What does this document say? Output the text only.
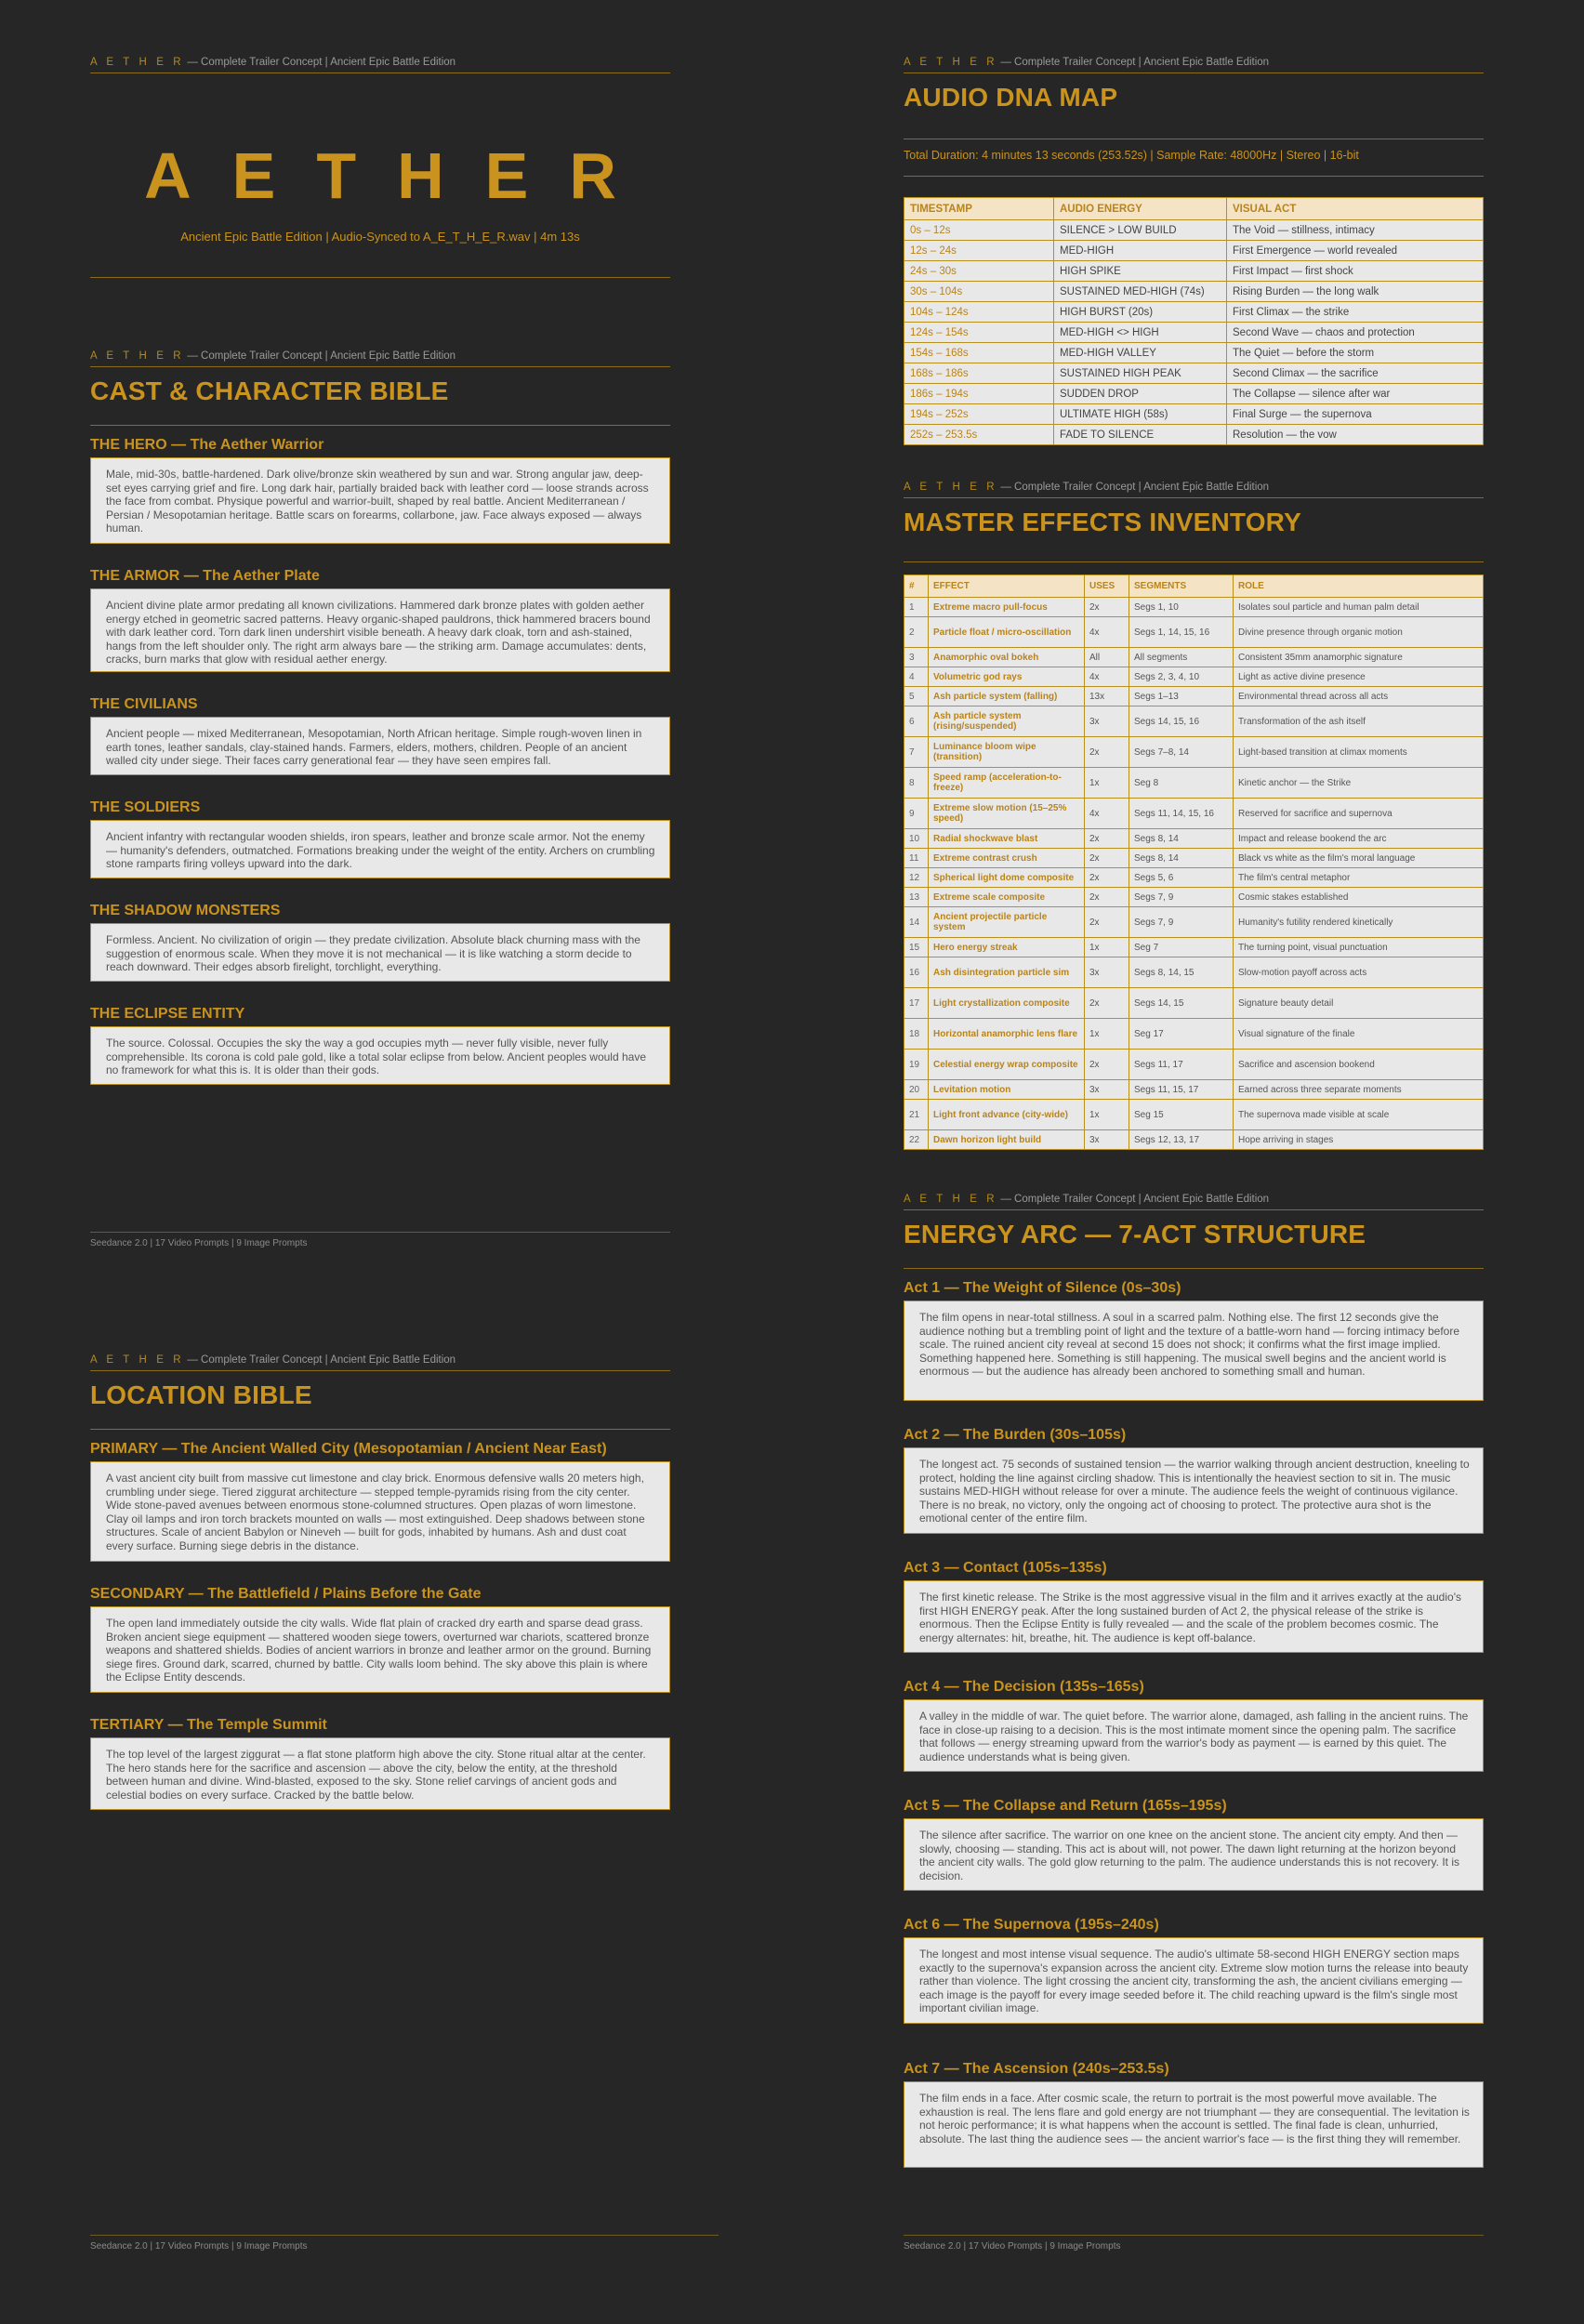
A E T H E R — Complete Trailer Concept | Ancient Epic Battle Edition
AETHER
Ancient Epic Battle Edition | Audio-Synced to A_E_T_H_E_R.wav | 4m 13s
A E T H E R — Complete Trailer Concept | Ancient Epic Battle Edition
CAST & CHARACTER BIBLE
THE HERO — The Aether Warrior

Male, mid-30s, battle-hardened. Dark olive/bronze skin weathered by sun and war. Strong angular jaw, deep-set eyes carrying grief and fire. Long dark hair, partially braided back with leather cord — loose strands across the face from combat. Physique powerful and warrior-built, shaped by real battle. Ancient Mediterranean / Persian / Mesopotamian heritage. Battle scars on forearms, collarbone, jaw. Face always exposed — always human.

THE ARMOR — The Aether Plate

Ancient divine plate armor predating all known civilizations. Hammered dark bronze plates with golden aether energy etched in geometric sacred patterns. Heavy organic-shaped pauldrons, thick hammered bracers bound with dark leather cord. Torn dark linen undershirt visible beneath. A heavy dark cloak, torn and ash-stained, hangs from the left shoulder only. The right arm always bare — the striking arm. Damage accumulates: dents, cracks, burn marks that glow with residual aether energy.

THE CIVILIANS

Ancient people — mixed Mediterranean, Mesopotamian, North African heritage. Simple rough-woven linen in earth tones, leather sandals, clay-stained hands. Farmers, elders, mothers, children. People of an ancient walled city under siege. Their faces carry generational fear — they have seen empires fall.

THE SOLDIERS

Ancient infantry with rectangular wooden shields, iron spears, leather and bronze scale armor. Not the enemy — humanity's defenders, outmatched. Formations breaking under the weight of the entity. Archers on crumbling stone ramparts firing volleys upward into the dark.

THE SHADOW MONSTERS

Formless. Ancient. No civilization of origin — they predate civilization. Absolute black churning mass with the suggestion of enormous scale. When they move it is not mechanical — it is like watching a storm decide to reach downward. Their edges absorb firelight, torchlight, everything.

THE ECLIPSE ENTITY

The source. Colossal. Occupies the sky the way a god occupies myth — never fully visible, never fully comprehensible. Its corona is cold pale gold, like a total solar eclipse from below. Ancient peoples would have no framework for what this is. It is older than their gods.

Seedance 2.0 | 17 Video Prompts | 9 Image Prompts
A E T H E R — Complete Trailer Concept | Ancient Epic Battle Edition
LOCATION BIBLE
PRIMARY — The Ancient Walled City (Mesopotamian / Ancient Near East)

A vast ancient city built from massive cut limestone and clay brick. Enormous defensive walls 20 meters high, crumbling under siege. Tiered ziggurat architecture — stepped temple-pyramids rising from the city center. Wide stone-paved avenues between enormous stone-columned structures. Open plazas of worn limestone. Clay oil lamps and iron torch brackets mounted on walls — most extinguished. Deep shadows between stone structures. Scale of ancient Babylon or Nineveh — built for gods, inhabited by humans. Ash and dust coat every surface. Burning siege debris in the distance.

SECONDARY — The Battlefield / Plains Before the Gate

The open land immediately outside the city walls. Wide flat plain of cracked dry earth and sparse dead grass. Broken ancient siege equipment — shattered wooden siege towers, overturned war chariots, scattered bronze weapons and shattered shields. Bodies of ancient warriors in bronze and leather armor on the ground. Burning siege fires. Ground dark, scarred, churned by battle. City walls loom behind. The sky above this plain is where the Eclipse Entity descends.

TERTIARY — The Temple Summit

The top level of the largest ziggurat — a flat stone platform high above the city. Stone ritual altar at the center. The hero stands here for the sacrifice and ascension — above the city, below the entity, at the threshold between human and divine. Wind-blasted, exposed to the sky. Stone relief carvings of ancient gods and celestial bodies on every surface. Cracked by the battle below.

Seedance 2.0 | 17 Video Prompts | 9 Image Prompts
A E T H E R — Complete Trailer Concept | Ancient Epic Battle Edition
AUDIO DNA MAP
Total Duration: 4 minutes 13 seconds (253.52s) | Sample Rate: 48000Hz | Stereo | 16-bit
TIMESTAMP	AUDIO ENERGY	VISUAL ACT
0s – 12s	SILENCE > LOW BUILD	The Void — stillness, intimacy
12s – 24s	MED-HIGH	First Emergence — world revealed
24s – 30s	HIGH SPIKE	First Impact — first shock
30s – 104s	SUSTAINED MED-HIGH (74s)	Rising Burden — the long walk
104s – 124s	HIGH BURST (20s)	First Climax — the strike
124s – 154s	MED-HIGH <> HIGH	Second Wave — chaos and protection
154s – 168s	MED-HIGH VALLEY	The Quiet — before the storm
168s – 186s	SUSTAINED HIGH PEAK	Second Climax — the sacrifice
186s – 194s	SUDDEN DROP	The Collapse — silence after war
194s – 252s	ULTIMATE HIGH (58s)	Final Surge — the supernova
252s – 253.5s	FADE TO SILENCE	Resolution — the vow
A E T H E R — Complete Trailer Concept | Ancient Epic Battle Edition
MASTER EFFECTS INVENTORY
#	EFFECT	USES	SEGMENTS	ROLE
1	Extreme macro pull-focus	2x	Segs 1, 10	Isolates soul particle and human palm detail
2	Particle float / micro-oscillation	4x	Segs 1, 14, 15, 16	Divine presence through organic motion
3	Anamorphic oval bokeh	All	All segments	Consistent 35mm anamorphic signature
4	Volumetric god rays	4x	Segs 2, 3, 4, 10	Light as active divine presence
5	Ash particle system (falling)	13x	Segs 1–13	Environmental thread across all acts
6	Ash particle system (rising/suspended)	3x	Segs 14, 15, 16	Transformation of the ash itself
7	Luminance bloom wipe (transition)	2x	Segs 7–8, 14	Light-based transition at climax moments
8	Speed ramp (acceleration-to-freeze)	1x	Seg 8	Kinetic anchor — the Strike
9	Extreme slow motion (15–25% speed)	4x	Segs 11, 14, 15, 16	Reserved for sacrifice and supernova
10	Radial shockwave blast	2x	Segs 8, 14	Impact and release bookend the arc
11	Extreme contrast crush	2x	Segs 8, 14	Black vs white as the film's moral language
12	Spherical light dome composite	2x	Segs 5, 6	The film's central metaphor
13	Extreme scale composite	2x	Segs 7, 9	Cosmic stakes established
14	Ancient projectile particle system	2x	Segs 7, 9	Humanity's futility rendered kinetically
15	Hero energy streak	1x	Seg 7	The turning point, visual punctuation
16	Ash disintegration particle sim	3x	Segs 8, 14, 15	Slow-motion payoff across acts
17	Light crystallization composite	2x	Segs 14, 15	Signature beauty detail
18	Horizontal anamorphic lens flare	1x	Seg 17	Visual signature of the finale
19	Celestial energy wrap composite	2x	Segs 11, 17	Sacrifice and ascension bookend
20	Levitation motion	3x	Segs 11, 15, 17	Earned across three separate moments
21	Light front advance (city-wide)	1x	Seg 15	The supernova made visible at scale
22	Dawn horizon light build	3x	Segs 12, 13, 17	Hope arriving in stages
A E T H E R — Complete Trailer Concept | Ancient Epic Battle Edition
ENERGY ARC — 7-ACT STRUCTURE
Act 1 — The Weight of Silence (0s–30s)

The film opens in near-total stillness. A soul in a scarred palm. Nothing else. The first 12 seconds give the audience nothing but a trembling point of light and the texture of a battle-worn hand — forcing intimacy before scale. The ruined ancient city reveal at second 15 does not shock; it confirms what the first image implied. Something happened here. Something is still happening. The musical swell begins and the ancient world is enormous — but the audience has already been anchored to something small and human.

Act 2 — The Burden (30s–105s)

The longest act. 75 seconds of sustained tension — the warrior walking through ancient destruction, kneeling to protect, holding the line against circling shadow. This is intentionally the heaviest section to sit in. The music sustains MED-HIGH without release for over a minute. The audience feels the weight of continuous vigilance. There is no break, no victory, only the ongoing act of choosing to protect. The protective aura shot is the emotional center of the entire film.

Act 3 — Contact (105s–135s)

The first kinetic release. The Strike is the most aggressive visual in the film and it arrives exactly at the audio's first HIGH ENERGY peak. After the long sustained burden of Act 2, the physical release of the strike is enormous. Then the Eclipse Entity is fully revealed — and the scale of the problem becomes cosmic. The energy alternates: hit, breathe, hit. The audience is kept off-balance.

Act 4 — The Decision (135s–165s)

A valley in the middle of war. The quiet before. The warrior alone, damaged, ash falling in the ancient ruins. The face in close-up raising to a decision. This is the most intimate moment since the opening palm. The sacrifice that follows — energy streaming upward from the warrior's body as payment — is earned by this quiet. The audience understands what is being given.

Act 5 — The Collapse and Return (165s–195s)

The silence after sacrifice. The warrior on one knee on the ancient stone. The ancient city empty. And then — slowly, choosing — standing. This act is about will, not power. The dawn light returning at the horizon beyond the ancient city walls. The gold glow returning to the palm. The audience understands this is not recovery. It is decision.

Act 6 — The Supernova (195s–240s)

The longest and most intense visual sequence. The audio's ultimate 58-second HIGH ENERGY section maps exactly to the supernova's expansion across the ancient city. Extreme slow motion turns the release into beauty rather than violence. The light crossing the ancient city, transforming the ash, the ancient civilians emerging — each image is the payoff for every image seeded before it. The child reaching upward is the film's single most important civilian image.

Act 7 — The Ascension (240s–253.5s)

The film ends in a face. After cosmic scale, the return to portrait is the most powerful move available. The exhaustion is real. The lens flare and gold energy are not triumphant — they are consequential. The levitation is not heroic performance; it is what happens when the account is settled. The final fade is clean, unhurried, absolute. The last thing the audience sees — the ancient warrior's face — is the first thing they will remember.

Seedance 2.0 | 17 Video Prompts | 9 Image Prompts
